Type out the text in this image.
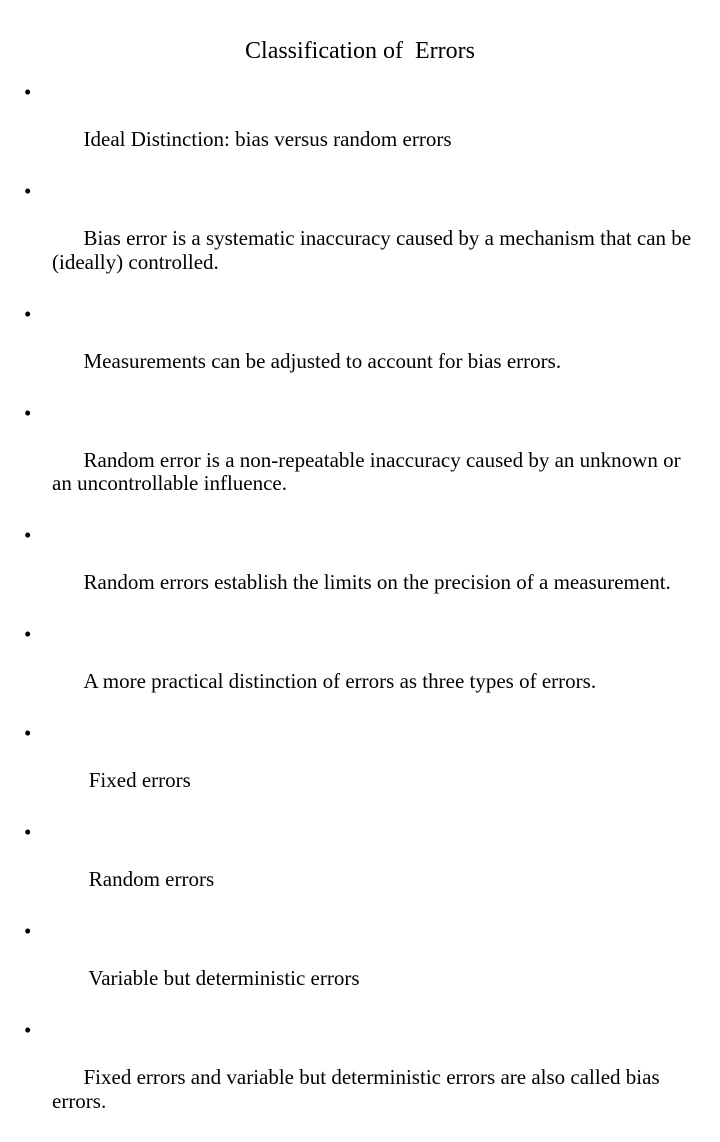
Classification of  Errors

•

Ideal Distinction: bias versus random errors

•

Bias error is a systematic inaccuracy caused by a mechanism that can be  (ideally) controlled.

•

Measurements can be adjusted to account for bias errors.

•

Random error is a non-repeatable inaccuracy caused by an unknown or an uncontrollable influence.

•

Random errors establish the limits on the precision of a measurement.

•

A more practical distinction of errors as three types of errors.

•

Fixed errors

•

Random errors

•

Variable but deterministic errors

•

Fixed errors and variable but deterministic errors are also called bias errors.
